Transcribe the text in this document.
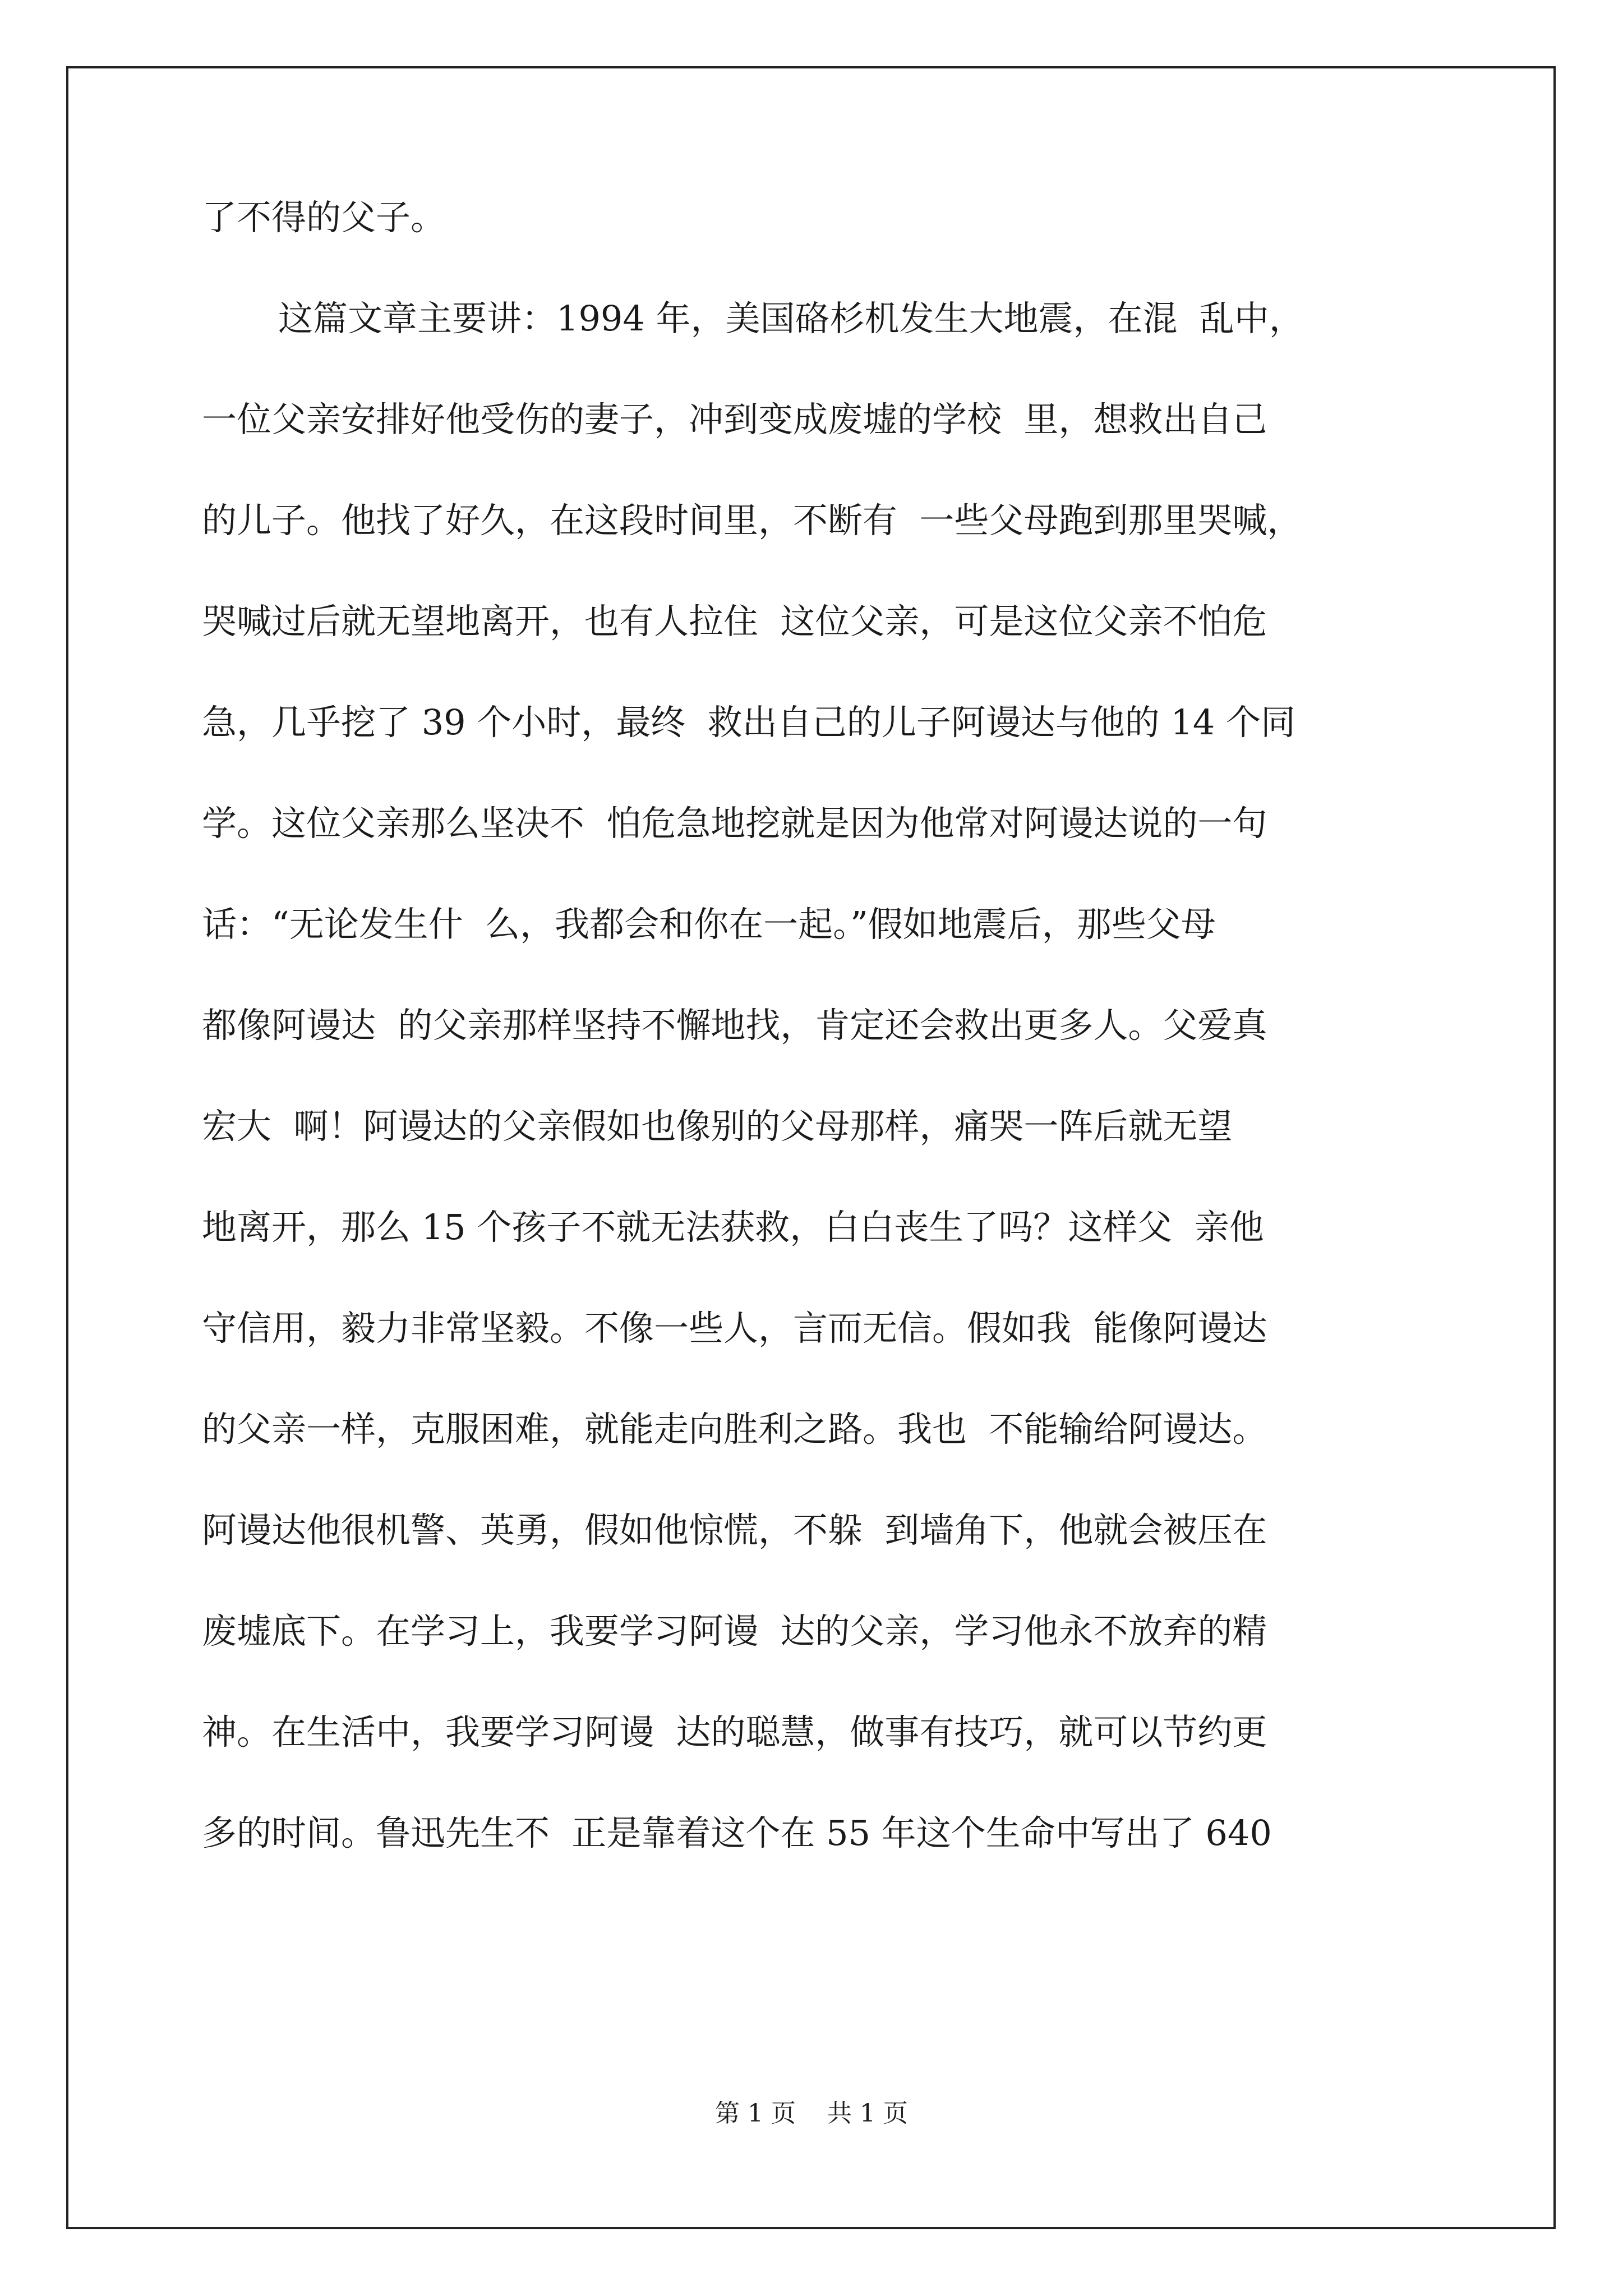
了不得的父子。

这篇文章主要讲：1994 年，美国硌杉机发生大地震，在混  乱中，

一位父亲安排好他受伤的妻子，冲到变成废墟的学校  里，想救出自己

的儿子。他找了好久，在这段时间里，不断有  一些父母跑到那里哭喊，

哭喊过后就无望地离开，也有人拉住  这位父亲，可是这位父亲不怕危

急，几乎挖了 39 个小时，最终  救出自己的儿子阿谩达与他的 14 个同

学。这位父亲那么坚决不  怕危急地挖就是因为他常对阿谩达说的一句

话：“无论发生什  么，我都会和你在一起。”假如地震后，那些父母

都像阿谩达  的父亲那样坚持不懈地找，肯定还会救出更多人。父爱真

宏大  啊！阿谩达的父亲假如也像别的父母那样，痛哭一阵后就无望

地离开，那么 15 个孩子不就无法获救，白白丧生了吗？这样父  亲他

守信用，毅力非常坚毅。不像一些人，言而无信。假如我  能像阿谩达

的父亲一样，克服困难，就能走向胜利之路。我也  不能输给阿谩达。

阿谩达他很机警、英勇，假如他惊慌，不躲  到墙角下，他就会被压在

废墟底下。在学习上，我要学习阿谩  达的父亲，学习他永不放弃的精

神。在生活中，我要学习阿谩  达的聪慧，做事有技巧，就可以节约更

多的时间。鲁迅先生不  正是靠着这个在 55 年这个生命中写出了 640

第 1 页    共 1 页
